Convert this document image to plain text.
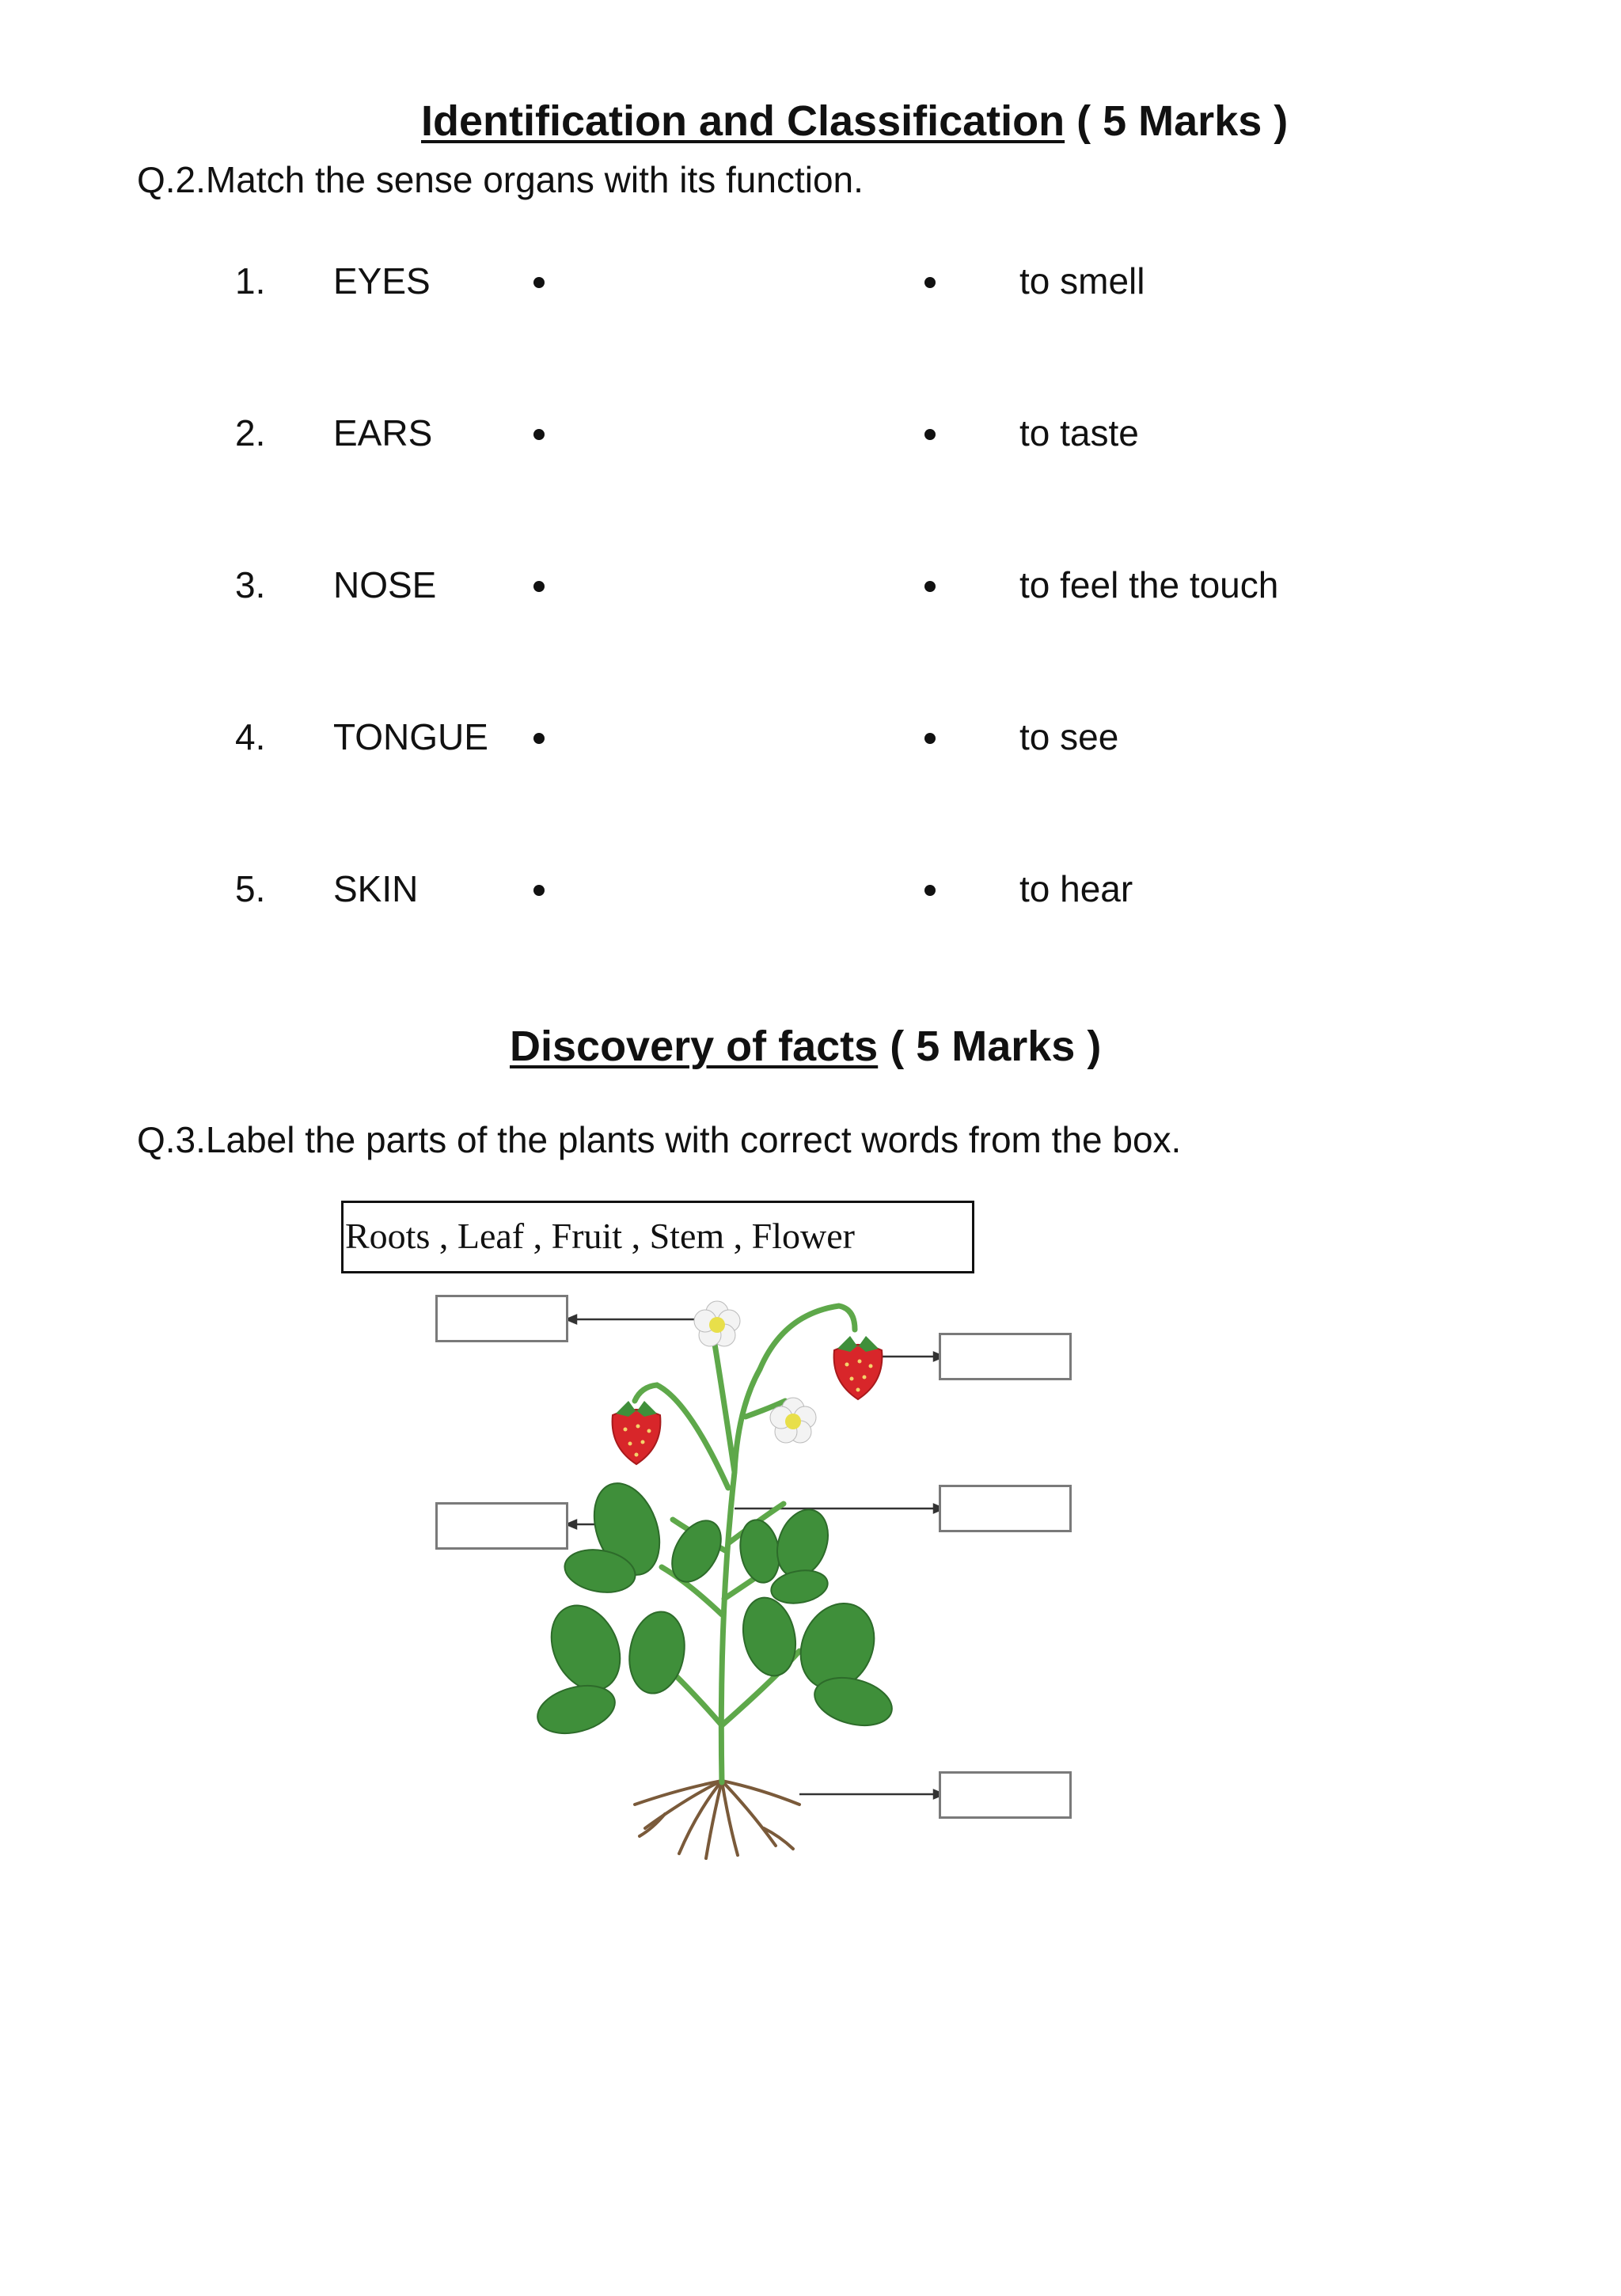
Identification and Classification ( 5 Marks )
Q.2.Match the sense organs with its function.
1. EYES	to smell
2. EARS	to taste
3. NOSE	to feel the touch
4. TONGUE	to see
5. SKIN	to hear
Discovery of facts ( 5 Marks )
Q.3.Label the parts of the plants with correct words from the box.
Roots , Leaf , Fruit , Stem , Flower
